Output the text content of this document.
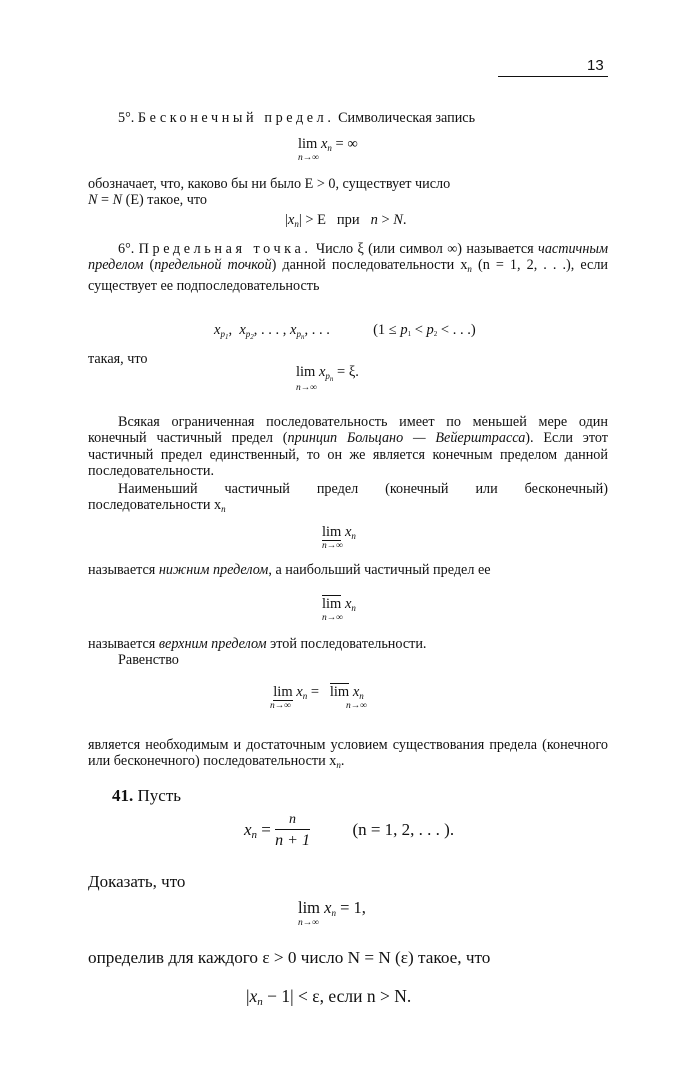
13
5°. Бесконечный предел. Символическая запись
$\lim x_n$ = ∞
n→∞
обозначает, что, каково бы ни было E > 0, существует число
N = N (E) такое, что
$|x_n| > E$   при n > N.
6°. Предельная точка. Число ξ (или символ ∞) называется частичным пределом (предельной точкой) данной последовательности $x_n$ (n = 1, 2, . . .), если существует ее подпоследовательность
$x_{p_1}$,  $x_{p_2}$, . . . , $x_{p_n}$, . . .  (1 ≤ p1 < p2 < . . .)
такая, что
$\lim x_{p_n} = \xi$.
n→∞
Всякая ограниченная последовательность имеет по меньшей мере один конечный частичный предел (принцип Больцано — Вейерштрасса). Если этот частичный предел единственный, то он же является конечным пределом данной последовательности.
Наименьший частичный предел (конечный или бесконечный) последовательности $x_n$
$\lim x_n$
n→∞
называется нижним пределом, а наибольший частичный предел ее
$\lim x_n$
n→∞
называется верхним пределом этой последовательности.
Равенство
$\lim x_n = \lim x_n$
n→∞	n→∞
является необходимым и достаточным условием существования предела (конечного или бесконечного) последовательности $x_n$.
41. Пусть
$x_n = \frac{n}{n + 1}$	(n = 1, 2, . . . ).
Доказать, что
$\lim x_n = 1$,
n→∞
определив для каждого ε > 0 число N = N (ε) такое, что
$|x_n - 1| < \varepsilon$, если n > N.
